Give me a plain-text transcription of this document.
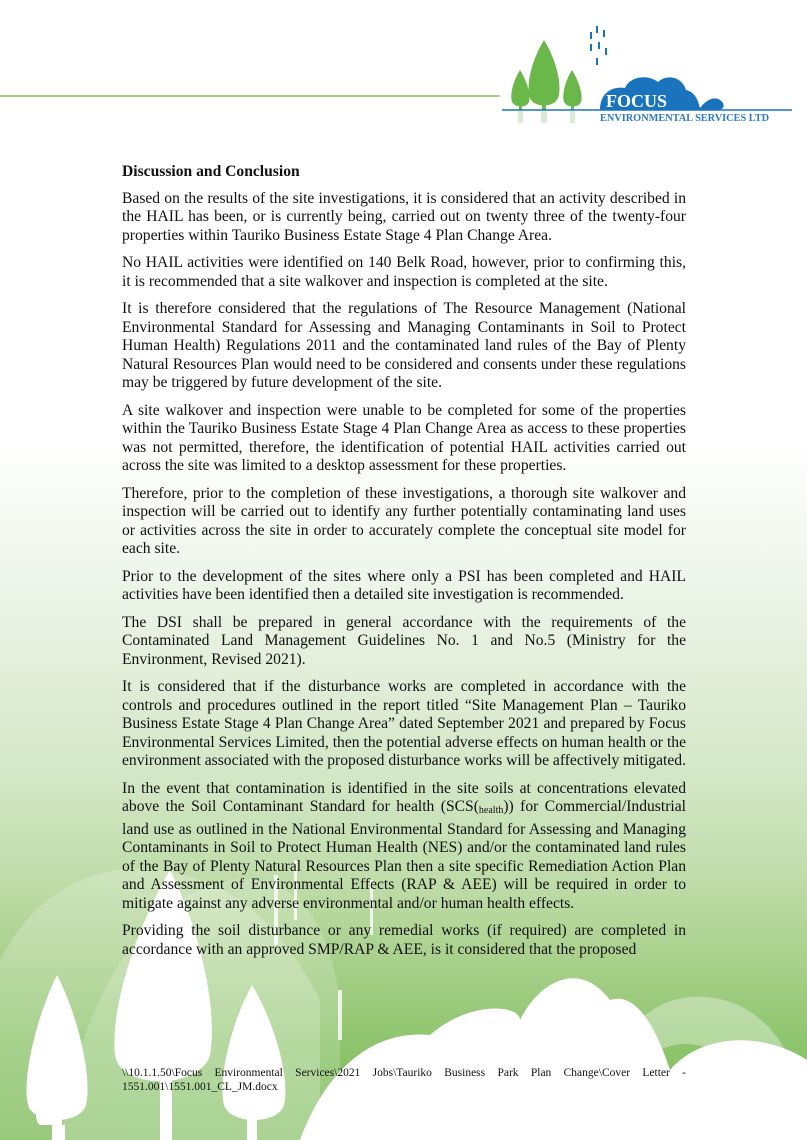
FOCUS
ENVIRONMENTAL SERVICES LTD
Discussion and Conclusion

Based on the results of the site investigations, it is considered that an activity described in the HAIL has been, or is currently being, carried out on twenty three of the twenty-four properties within Tauriko Business Estate Stage 4 Plan Change Area.

No HAIL activities were identified on 140 Belk Road, however, prior to confirming this, it is recommended that a site walkover and inspection is completed at the site.

It is therefore considered that the regulations of The Resource Management (National Environmental Standard for Assessing and Managing Contaminants in Soil to Protect Human Health) Regulations 2011 and the contaminated land rules of the Bay of Plenty Natural Resources Plan would need to be considered and consents under these regulations may be triggered by future development of the site.

A site walkover and inspection were unable to be completed for some of the properties within the Tauriko Business Estate Stage 4 Plan Change Area as access to these properties was not permitted, therefore, the identification of potential HAIL activities carried out across the site was limited to a desktop assessment for these properties.

Therefore, prior to the completion of these investigations, a thorough site walkover and inspection will be carried out to identify any further potentially contaminating land uses or activities across the site in order to accurately complete the conceptual site model for each site.

Prior to the development of the sites where only a PSI has been completed and HAIL activities have been identified then a detailed site investigation is recommended.

The DSI shall be prepared in general accordance with the requirements of the Contaminated Land Management Guidelines No. 1 and No.5 (Ministry for the Environment, Revised 2021).

It is considered that if the disturbance works are completed in accordance with the controls and procedures outlined in the report titled “Site Management Plan – Tauriko Business Estate Stage 4 Plan Change Area” dated September 2021 and prepared by Focus Environmental Services Limited, then the potential adverse effects on human health or the environment associated with the proposed disturbance works will be affectively mitigated.

In the event that contamination is identified in the site soils at concentrations elevated above the Soil Contaminant Standard for health $(SCS(_{health}))$ for Commercial/Industrial land use as outlined in the National Environmental Standard for Assessing and Managing Contaminants in Soil to Protect Human Health (NES) and/or the contaminated land rules of the Bay of Plenty Natural Resources Plan then a site specific Remediation Action Plan and Assessment of Environmental Effects (RAP & AEE) will be required in order to mitigate against any adverse environmental and/or human health effects.

Providing the soil disturbance or any remedial works (if required) are completed in accordance with an approved SMP/RAP & AEE, is it considered that the proposed

\\10.1.1.50\Focus Environmental Services\2021 Jobs\Tauriko Business Park Plan Change\Cover Letter - 1551.001\1551.001_CL_JM.docx
